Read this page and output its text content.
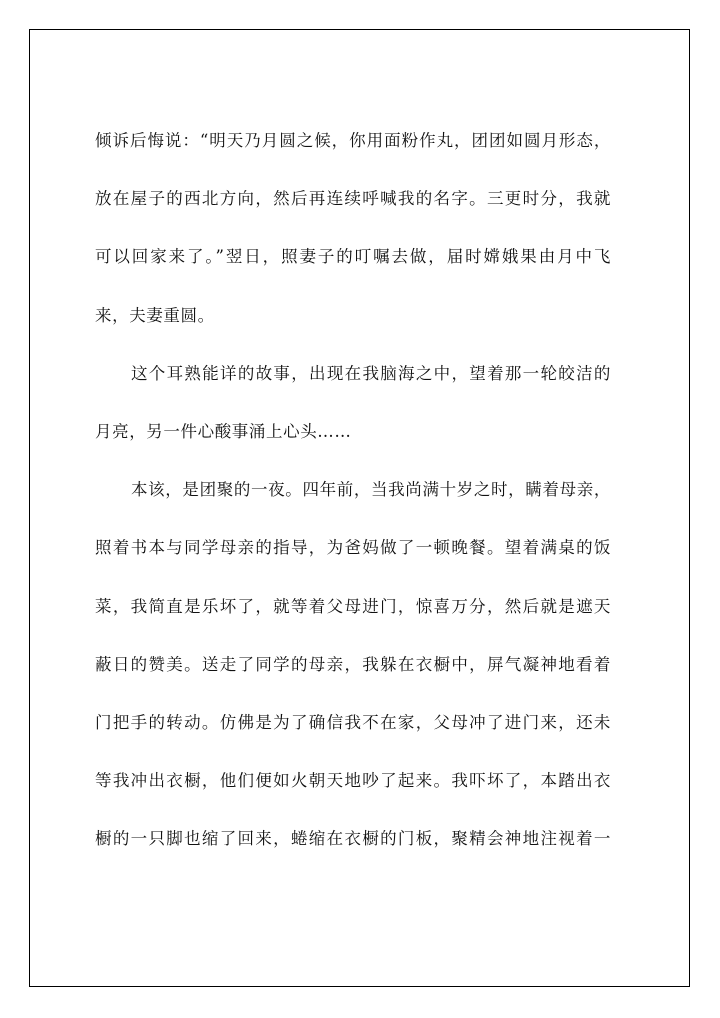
倾诉后悔说：“明天乃月圆之候，你用面粉作丸，团团如圆月形态，
放在屋子的西北方向，然后再连续呼喊我的名字。三更时分，我就
可以回家来了。”翌日，照妻子的叮嘱去做，届时嫦娥果由月中飞
来，夫妻重圆。
这个耳熟能详的故事，出现在我脑海之中，望着那一轮皎洁的
月亮，另一件心酸事涌上心头……
本该，是团聚的一夜。四年前，当我尚满十岁之时，瞒着母亲，
照着书本与同学母亲的指导，为爸妈做了一顿晚餐。望着满桌的饭
菜，我简直是乐坏了，就等着父母进门，惊喜万分，然后就是遮天
蔽日的赞美。送走了同学的母亲，我躲在衣橱中，屏气凝神地看着
门把手的转动。仿佛是为了确信我不在家，父母冲了进门来，还未
等我冲出衣橱，他们便如火朝天地吵了起来。我吓坏了，本踏出衣
橱的一只脚也缩了回来，蜷缩在衣橱的门板，聚精会神地注视着一
